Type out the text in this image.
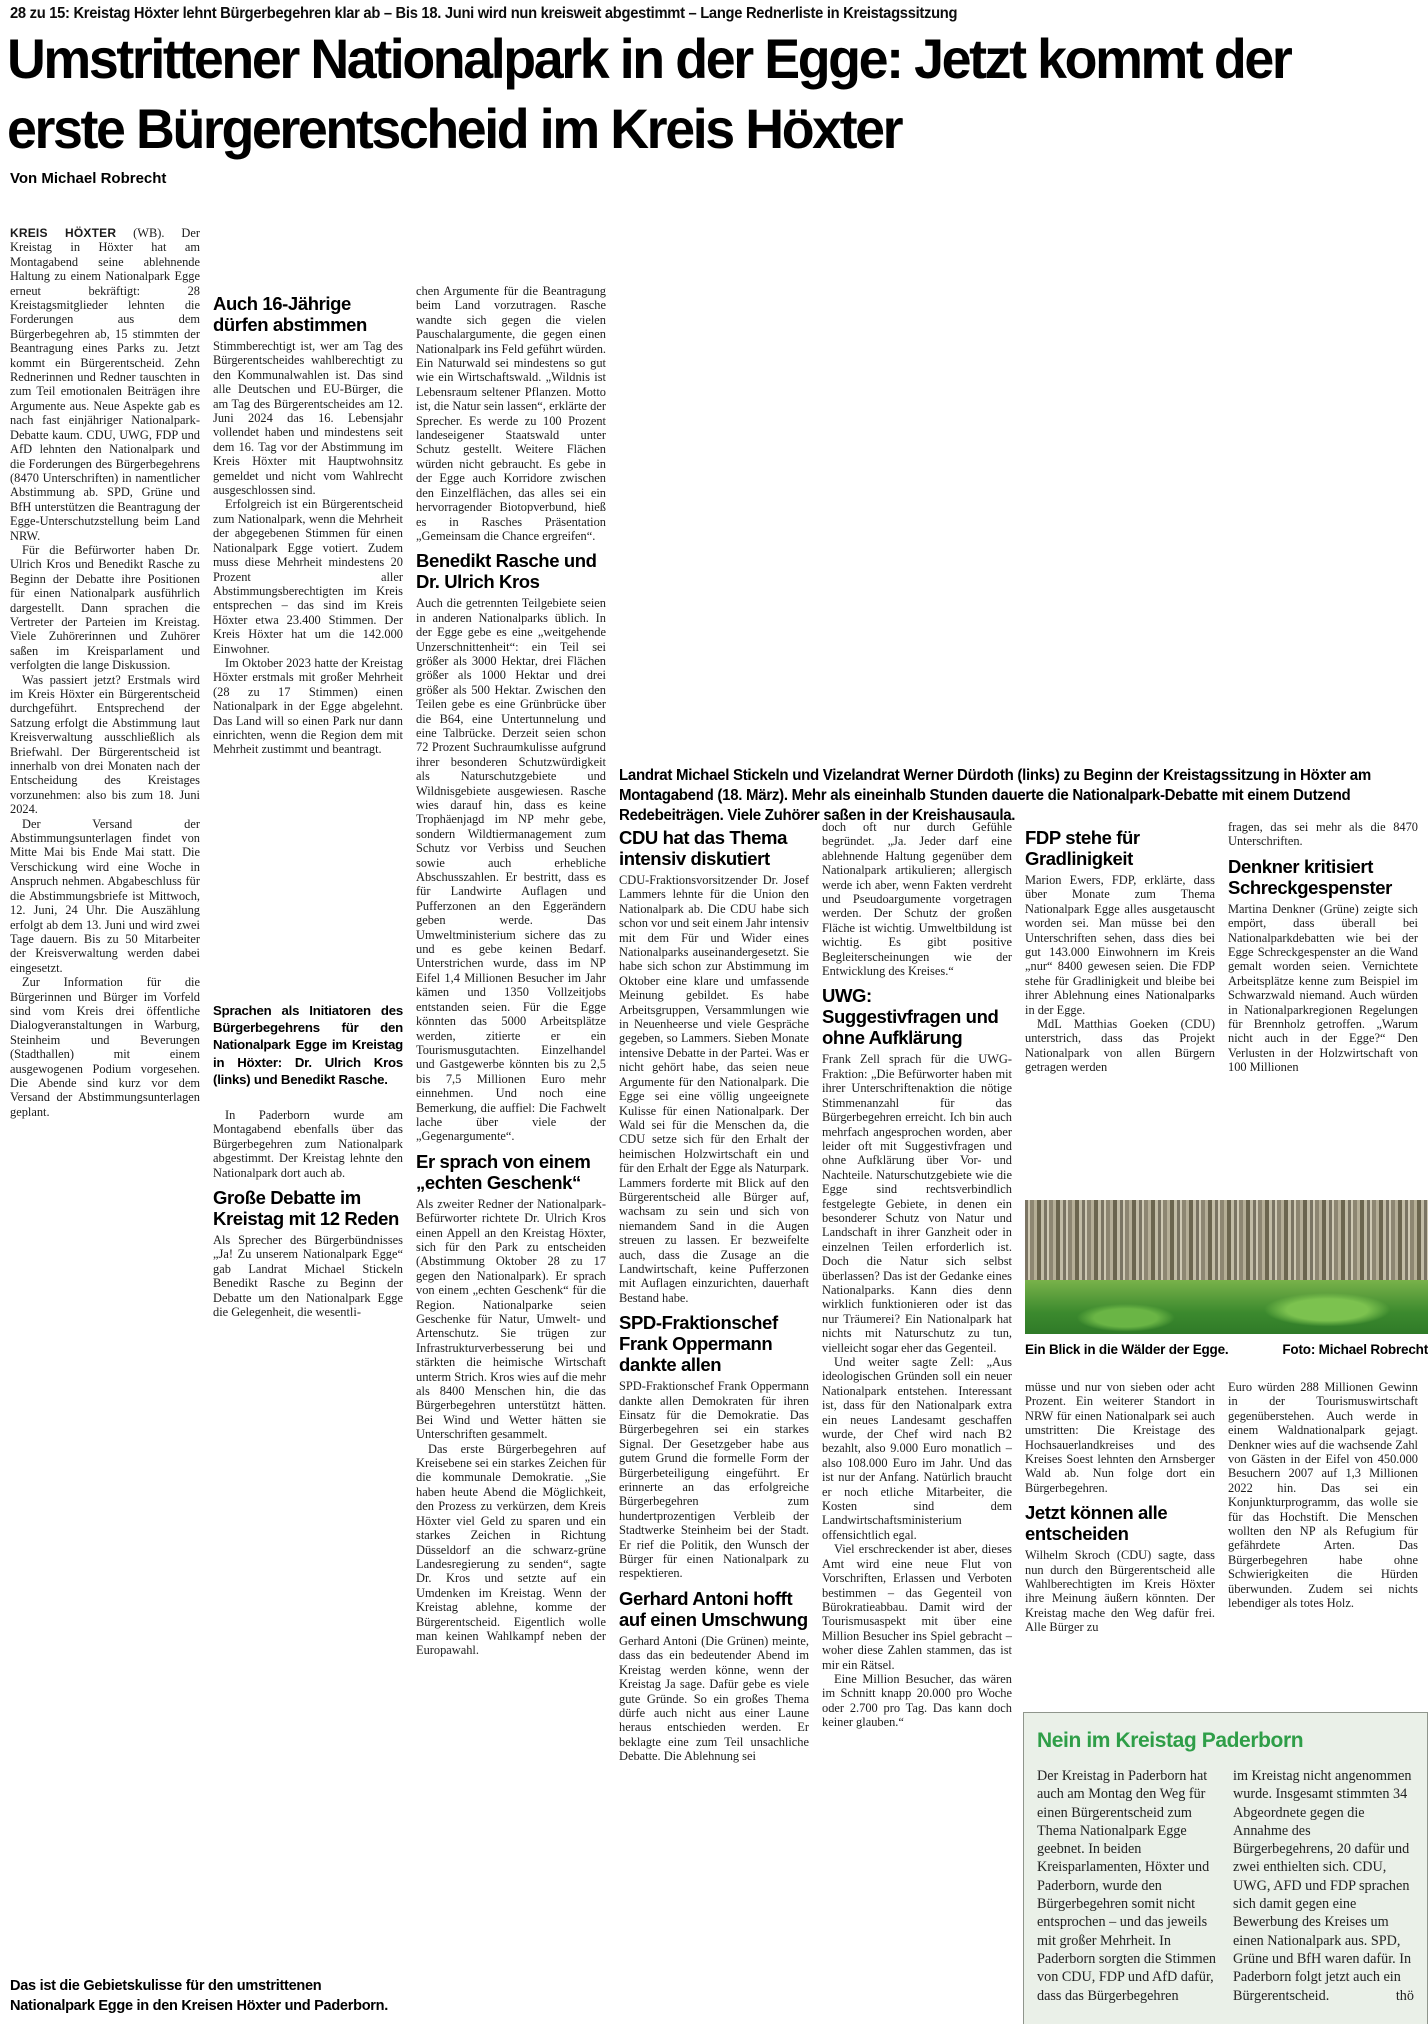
28 zu 15: Kreistag Höxter lehnt Bürgerbegehren klar ab – Bis 18. Juni wird nun kreisweit abgestimmt – Lange Rednerliste in Kreistagssitzung
Umstrittener Nationalpark in der Egge: Jetzt kommt der erste Bürgerentscheid im Kreis Höxter
Von Michael Robrecht
Landrat Michael Stickeln und Vizelandrat Werner Dürdoth (links) zu Beginn der Kreistagssitzung in Höxter am Montagabend (18. März). Mehr als eineinhalb Stunden dauerte die Nationalpark-Debatte mit einem Dutzend Redebeiträgen. Viele Zuhörer saßen in der Kreishausaula.

KREIS HÖXTER (WB). Der Kreistag in Höxter hat am Montagabend seine ablehnende Haltung zu einem Nationalpark Egge erneut bekräftigt: 28 Kreistagsmitglieder lehnten die Forderungen aus dem Bürgerbegehren ab, 15 stimmten der Beantragung eines Parks zu. Jetzt kommt ein Bürgerentscheid. Zehn Rednerinnen und Redner tauschten in zum Teil emotionalen Beiträgen ihre Argumente aus. Neue Aspekte gab es nach fast einjähriger Nationalpark-Debatte kaum. CDU, UWG, FDP und AfD lehnten den Nationalpark und die Forderungen des Bürgerbegehrens (8470 Unterschriften) in namentlicher Abstimmung ab. SPD, Grüne und BfH unterstützen die Beantragung der Egge-Unterschutzstellung beim Land NRW.

Für die Befürworter haben Dr. Ulrich Kros und Benedikt Rasche zu Beginn der Debatte ihre Positionen für einen Nationalpark ausführlich dargestellt. Dann sprachen die Vertreter der Parteien im Kreistag. Viele Zuhörerinnen und Zuhörer saßen im Kreisparlament und verfolgten die lange Diskussion.

Was passiert jetzt? Erstmals wird im Kreis Höxter ein Bürgerentscheid durchgeführt. Entsprechend der Satzung erfolgt die Abstimmung laut Kreisverwaltung ausschließlich als Briefwahl. Der Bürgerentscheid ist innerhalb von drei Monaten nach der Entscheidung des Kreistages vorzunehmen: also bis zum 18. Juni 2024.

Der Versand der Abstimmungsunterlagen findet von Mitte Mai bis Ende Mai statt. Die Verschickung wird eine Woche in Anspruch nehmen. Abgabeschluss für die Abstimmungsbriefe ist Mittwoch, 12. Juni, 24 Uhr. Die Auszählung erfolgt ab dem 13. Juni und wird zwei Tage dauern. Bis zu 50 Mitarbeiter der Kreisverwaltung werden dabei eingesetzt.

Zur Information für die Bürgerinnen und Bürger im Vorfeld sind vom Kreis drei öffentliche Dialogveranstaltungen in Warburg, Steinheim und Beverungen (Stadthallen) mit einem ausgewogenen Podium vorgesehen. Die Abende sind kurz vor dem Versand der Abstimmungsunterlagen geplant.

Auch 16-Jährige dürfen abstimmen

Stimmberechtigt ist, wer am Tag des Bürgerentscheides wahlberechtigt zu den Kommunalwahlen ist. Das sind alle Deutschen und EU-Bürger, die am Tag des Bürgerentscheides am 12. Juni 2024 das 16. Lebensjahr vollendet haben und mindestens seit dem 16. Tag vor der Abstimmung im Kreis Höxter mit Hauptwohnsitz gemeldet und nicht vom Wahlrecht ausgeschlossen sind.

Erfolgreich ist ein Bürgerentscheid zum Nationalpark, wenn die Mehrheit der abgegebenen Stimmen für einen Nationalpark Egge votiert. Zudem muss diese Mehrheit mindestens 20 Prozent aller Abstimmungsberechtigten im Kreis entsprechen – das sind im Kreis Höxter etwa 23.400 Stimmen. Der Kreis Höxter hat um die 142.000 Einwohner.

Im Oktober 2023 hatte der Kreistag Höxter erstmals mit großer Mehrheit (28 zu 17 Stimmen) einen Nationalpark in der Egge abgelehnt. Das Land will so einen Park nur dann einrichten, wenn die Region dem mit Mehrheit zustimmt und beantragt.

Sprachen als Initiatoren des Bürgerbegehrens für den Nationalpark Egge im Kreistag in Höxter: Dr. Ulrich Kros (links) und Benedikt Rasche.

In Paderborn wurde am Montagabend ebenfalls über das Bürgerbegehren zum Nationalpark abgestimmt. Der Kreistag lehnte den Nationalpark dort auch ab.

Große Debatte im Kreistag mit 12 Reden

Als Sprecher des Bürgerbündnisses „Ja! Zu unserem Nationalpark Egge“ gab Landrat Michael Stickeln Benedikt Rasche zu Beginn der Debatte um den Nationalpark Egge die Gelegenheit, die wesentli-

chen Argumente für die Beantragung beim Land vorzutragen. Rasche wandte sich gegen die vielen Pauschalargumente, die gegen einen Nationalpark ins Feld geführt würden. Ein Naturwald sei mindestens so gut wie ein Wirtschaftswald. „Wildnis ist Lebensraum seltener Pflanzen. Motto ist, die Natur sein lassen“, erklärte der Sprecher. Es werde zu 100 Prozent landeseigener Staatswald unter Schutz gestellt. Weitere Flächen würden nicht gebraucht. Es gebe in der Egge auch Korridore zwischen den Einzelflächen, das alles sei ein hervorragender Biotopverbund, hieß es in Rasches Präsentation „Gemeinsam die Chance ergreifen“.

Benedikt Rasche und Dr. Ulrich Kros

Auch die getrennten Teilgebiete seien in anderen Nationalparks üblich. In der Egge gebe es eine „weitgehende Unzerschnittenheit“: ein Teil sei größer als 3000 Hektar, drei Flächen größer als 1000 Hektar und drei größer als 500 Hektar. Zwischen den Teilen gebe es eine Grünbrücke über die B64, eine Untertunnelung und eine Talbrücke. Derzeit seien schon 72 Prozent Suchraumkulisse aufgrund ihrer besonderen Schutzwürdigkeit als Naturschutzgebiete und Wildnisgebiete ausgewiesen. Rasche wies darauf hin, dass es keine Trophäenjagd im NP mehr gebe, sondern Wildtiermanagement zum Schutz vor Verbiss und Seuchen sowie auch erhebliche Abschusszahlen. Er bestritt, dass es für Landwirte Auflagen und Pufferzonen an den Eggerändern geben werde. Das Umweltministerium sichere das zu und es gebe keinen Bedarf. Unterstrichen wurde, dass im NP Eifel 1,4 Millionen Besucher im Jahr kämen und 1350 Vollzeitjobs entstanden seien. Für die Egge könnten das 5000 Arbeitsplätze werden, zitierte er ein Tourismusgutachten. Einzelhandel und Gastgewerbe könnten bis zu 2,5 bis 7,5 Millionen Euro mehr einnehmen. Und noch eine Bemerkung, die auffiel: Die Fachwelt lache über viele der „Gegenargumente“.

Er sprach von einem „echten Geschenk“

Als zweiter Redner der Nationalpark-Befürworter richtete Dr. Ulrich Kros einen Appell an den Kreistag Höxter, sich für den Park zu entscheiden (Abstimmung Oktober 28 zu 17 gegen den Nationalpark). Er sprach von einem „echten Geschenk“ für die Region. Nationalparke seien Geschenke für Natur, Umwelt- und Artenschutz. Sie trügen zur Infrastrukturverbesserung bei und stärkten die heimische Wirtschaft unterm Strich. Kros wies auf die mehr als 8400 Menschen hin, die das Bürgerbegehren unterstützt hätten. Bei Wind und Wetter hätten sie Unterschriften gesammelt.

Das erste Bürgerbegehren auf Kreisebene sei ein starkes Zeichen für die kommunale Demokratie. „Sie haben heute Abend die Möglichkeit, den Prozess zu verkürzen, dem Kreis Höxter viel Geld zu sparen und ein starkes Zeichen in Richtung Düsseldorf an die schwarz-grüne Landesregierung zu senden“, sagte Dr. Kros und setzte auf ein Umdenken im Kreistag. Wenn der Kreistag ablehne, komme der Bürgerentscheid. Eigentlich wolle man keinen Wahlkampf neben der Europawahl.

CDU hat das Thema intensiv diskutiert

CDU-Fraktionsvorsitzender Dr. Josef Lammers lehnte für die Union den Nationalpark ab. Die CDU habe sich schon vor und seit einem Jahr intensiv mit dem Für und Wider eines Nationalparks auseinandergesetzt. Sie habe sich schon zur Abstimmung im Oktober eine klare und umfassende Meinung gebildet. Es habe Arbeitsgruppen, Versammlungen wie in Neuenheerse und viele Gespräche gegeben, so Lammers. Sieben Monate intensive Debatte in der Partei. Was er nicht gehört habe, das seien neue Argumente für den Nationalpark. Die Egge sei eine völlig ungeeignete Kulisse für einen Nationalpark. Der Wald sei für die Menschen da, die CDU setze sich für den Erhalt der heimischen Holzwirtschaft ein und für den Erhalt der Egge als Naturpark. Lammers forderte mit Blick auf den Bürgerentscheid alle Bürger auf, wachsam zu sein und sich von niemandem Sand in die Augen streuen zu lassen. Er bezweifelte auch, dass die Zusage an die Landwirtschaft, keine Pufferzonen mit Auflagen einzurichten, dauerhaft Bestand habe.

SPD-Fraktionschef Frank Oppermann dankte allen

SPD-Fraktionschef Frank Oppermann dankte allen Demokraten für ihren Einsatz für die Demokratie. Das Bürgerbegehren sei ein starkes Signal. Der Gesetzgeber habe aus gutem Grund die formelle Form der Bürgerbeteiligung eingeführt. Er erinnerte an das erfolgreiche Bürgerbegehren zum hundertprozentigen Verbleib der Stadtwerke Steinheim bei der Stadt. Er rief die Politik, den Wunsch der Bürger für einen Nationalpark zu respektieren.

Gerhard Antoni hofft auf einen Umschwung

Gerhard Antoni (Die Grünen) meinte, dass das ein bedeutender Abend im Kreistag werden könne, wenn der Kreistag Ja sage. Dafür gebe es viele gute Gründe. So ein großes Thema dürfe auch nicht aus einer Laune heraus entschieden werden. Er beklagte eine zum Teil unsachliche Debatte. Die Ablehnung sei

doch oft nur durch Gefühle begründet. „Ja. Jeder darf eine ablehnende Haltung gegenüber dem Nationalpark artikulieren; allergisch werde ich aber, wenn Fakten verdreht und Pseudoargumente vorgetragen werden. Der Schutz der großen Fläche ist wichtig. Umweltbildung ist wichtig. Es gibt positive Begleiterscheinungen wie der Entwicklung des Kreises.“

UWG: Suggestivfragen und ohne Aufklärung

Frank Zell sprach für die UWG-Fraktion: „Die Befürworter haben mit ihrer Unterschriftenaktion die nötige Stimmenanzahl für das Bürgerbegehren erreicht. Ich bin auch mehrfach angesprochen worden, aber leider oft mit Suggestivfragen und ohne Aufklärung über Vor- und Nachteile. Naturschutzgebiete wie die Egge sind rechtsverbindlich festgelegte Gebiete, in denen ein besonderer Schutz von Natur und Landschaft in ihrer Ganzheit oder in einzelnen Teilen erforderlich ist. Doch die Natur sich selbst überlassen? Das ist der Gedanke eines Nationalparks. Kann dies denn wirklich funktionieren oder ist das nur Träumerei? Ein Nationalpark hat nichts mit Naturschutz zu tun, vielleicht sogar eher das Gegenteil.

Und weiter sagte Zell: „Aus ideologischen Gründen soll ein neuer Nationalpark entstehen. Interessant ist, dass für den Nationalpark extra ein neues Landesamt geschaffen wurde, der Chef wird nach B2 bezahlt, also 9.000 Euro monatlich – also 108.000 Euro im Jahr. Und das ist nur der Anfang. Natürlich braucht er noch etliche Mitarbeiter, die Kosten sind dem Landwirtschaftsministerium offensichtlich egal.

Viel erschreckender ist aber, dieses Amt wird eine neue Flut von Vorschriften, Erlassen und Verboten bestimmen – das Gegenteil von Bürokratieabbau. Damit wird der Tourismusaspekt mit über eine Million Besucher ins Spiel gebracht – woher diese Zahlen stammen, das ist mir ein Rätsel.

Eine Million Besucher, das wären im Schnitt knapp 20.000 pro Woche oder 2.700 pro Tag. Das kann doch keiner glauben.“

FDP stehe für Gradlinigkeit

Marion Ewers, FDP, erklärte, dass über Monate zum Thema Nationalpark Egge alles ausgetauscht worden sei. Man müsse bei den Unterschriften sehen, dass dies bei gut 143.000 Einwohnern im Kreis „nur“ 8400 gewesen seien. Die FDP stehe für Gradlinigkeit und bleibe bei ihrer Ablehnung eines Nationalparks in der Egge.

MdL Matthias Goeken (CDU) unterstrich, dass das Projekt Nationalpark von allen Bürgern getragen werden

fragen, das sei mehr als die 8470 Unterschriften.

Denkner kritisiert Schreckgespenster

Martina Denkner (Grüne) zeigte sich empört, dass überall bei Nationalparkdebatten wie bei der Egge Schreckgespenster an die Wand gemalt worden seien. Vernichtete Arbeitsplätze kenne zum Beispiel im Schwarzwald niemand. Auch würden in Nationalparkregionen Regelungen für Brennholz getroffen. „Warum nicht auch in der Egge?“ Den Verlusten in der Holzwirtschaft von 100 Millionen

Ein Blick in die Wälder der Egge.	Foto: Michael Robrecht

müsse und nur von sieben oder acht Prozent. Ein weiterer Standort in NRW für einen Nationalpark sei auch umstritten: Die Kreistage des Hochsauerlandkreises und des Kreises Soest lehnten den Arnsberger Wald ab. Nun folge dort ein Bürgerbegehren.

Jetzt können alle entscheiden

Wilhelm Skroch (CDU) sagte, dass nun durch den Bürgerentscheid alle Wahlberechtigten im Kreis Höxter ihre Meinung äußern könnten. Der Kreistag mache den Weg dafür frei. Alle Bürger zu

Euro würden 288 Millionen Gewinn in der Tourismuswirtschaft gegenüberstehen. Auch werde in einem Waldnationalpark gejagt. Denkner wies auf die wachsende Zahl von Gästen in der Eifel von 450.000 Besuchern 2007 auf 1,3 Millionen 2022 hin. Das sei ein Konjunkturprogramm, das wolle sie für das Hochstift. Die Menschen wollten den NP als Refugium für gefährdete Arten. Das Bürgerbegehren habe ohne Schwierigkeiten die Hürden überwunden. Zudem sei nichts lebendiger als totes Holz.

Nein im Kreistag Paderborn

Der Kreistag in Paderborn hat auch am Montag den Weg für einen Bürgerentscheid zum Thema Nationalpark Egge geebnet. In beiden Kreisparlamenten, Höxter und Paderborn, wurde den Bürgerbegehren somit nicht entsprochen – und das jeweils mit großer Mehrheit. In Paderborn sorgten die Stimmen von CDU, FDP und AfD dafür, dass das Bürgerbegehren

im Kreistag nicht angenommen wurde. Insgesamt stimmten 34 Abgeordnete gegen die Annahme des Bürgerbegehrens, 20 dafür und zwei enthielten sich. CDU, UWG, AFD und FDP sprachen sich damit gegen eine Bewerbung des Kreises um einen Nationalpark aus. SPD, Grüne und BfH waren dafür. In Paderborn folgt jetzt auch ein Bürgerentscheid.	thö
Das ist die Gebietskulisse für den umstrittenen Nationalpark Egge in den Kreisen Höxter und Paderborn.
